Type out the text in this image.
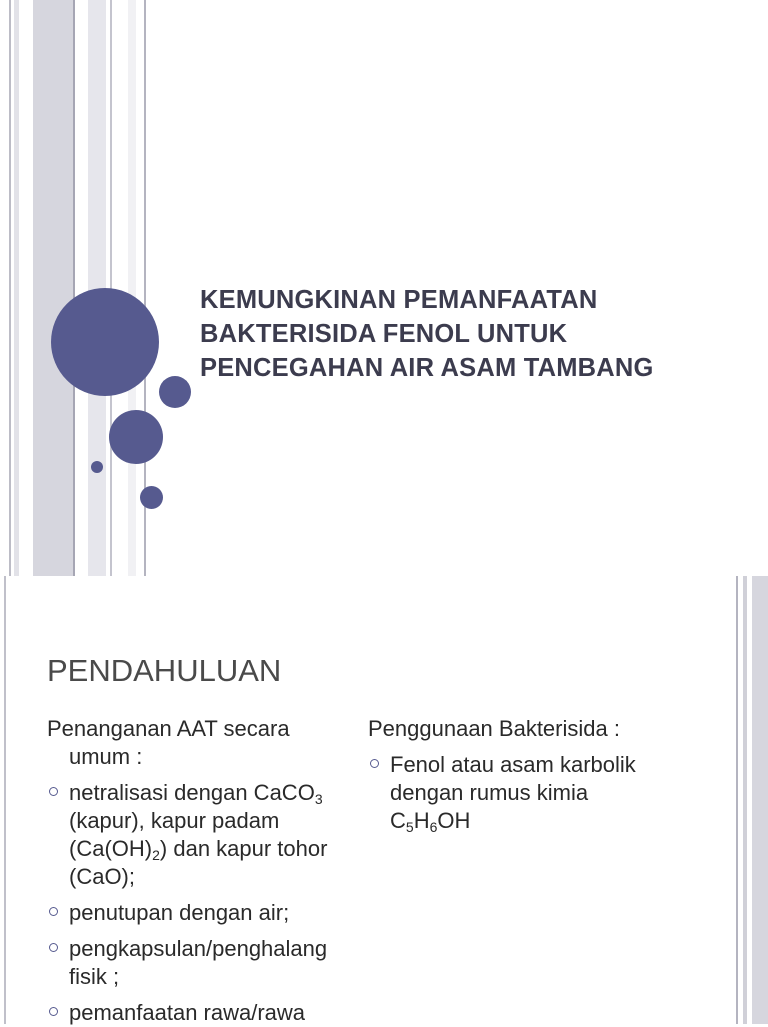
KEMUNGKINAN PEMANFAATAN BAKTERISIDA FENOL UNTUK PENCEGAHAN AIR ASAM TAMBANG
PENDAHULUAN

Penanganan AAT secara umum :

netralisasi dengan CaCO$_3$ (kapur), kapur padam $(Ca(OH)_2)$ dan kapur tohor (CaO);

penutupan dengan air;

pengkapsulan/penghalang fisik ;

pemanfaatan rawa/rawa

Penggunaan Bakterisida :

Fenol atau asam karbolik dengan rumus kimia $C_5H_6OH$
